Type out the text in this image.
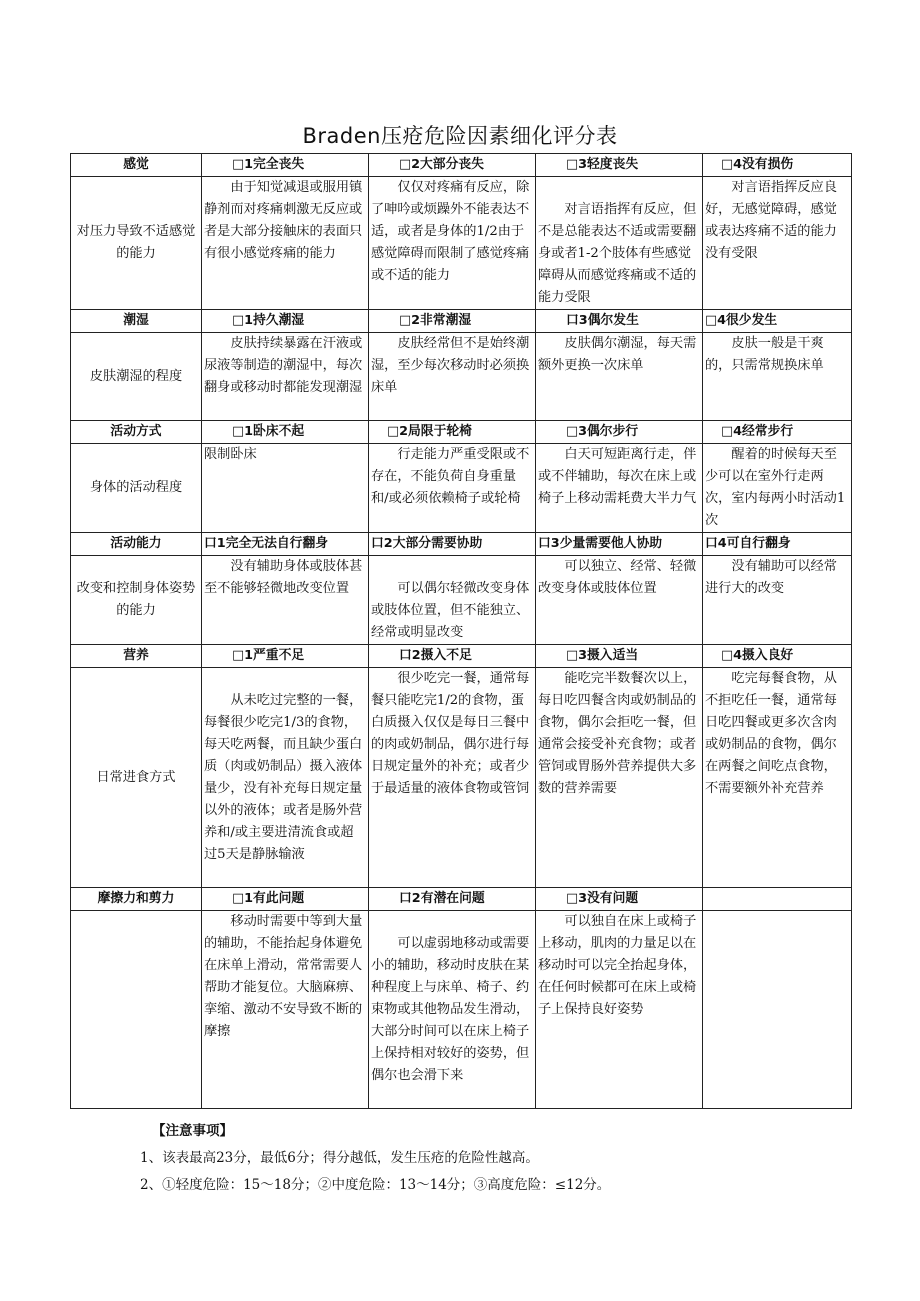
Braden压疮危险因素细化评分表
感觉	□1完全丧失	□2大部分丧失	□3轻度丧失	□4没有损伤
对压力导致不适感觉的能力	由于知觉减退或服用镇静剂而对疼痛刺激无反应或者是大部分接触床的表面只有很小感觉疼痛的能力	仅仅对疼痛有反应，除了呻吟或烦躁外不能表达不适，或者是身体的1/2由于感觉障碍而限制了感觉疼痛或不适的能力	对言语指挥有反应，但不是总能表达不适或需要翻身或者1-2个肢体有些感觉障碍从而感觉疼痛或不适的能力受限	对言语指挥反应良好，无感觉障碍，感觉或表达疼痛不适的能力没有受限
潮湿	□1持久潮湿	□2非常潮湿	口3偶尔发生	□4很少发生
皮肤潮湿的程度	皮肤持续暴露在汗液或尿液等制造的潮湿中，每次翻身或移动时都能发现潮湿	皮肤经常但不是始终潮湿，至少每次移动时必须换床单	皮肤偶尔潮湿，每天需额外更换一次床单	皮肤一般是干爽的，只需常规换床单
活动方式	□1卧床不起	□2局限于轮椅	□3偶尔步行	□4经常步行
身体的活动程度	限制卧床	行走能力严重受限或不存在，不能负荷自身重量和/或必须依赖椅子或轮椅	白天可短距离行走，伴或不伴辅助，每次在床上或椅子上移动需耗费大半力气	醒着的时候每天至少可以在室外行走两次，室内每两小时活动1次
活动能力	口1完全无法自行翻身	口2大部分需要协助	口3少量需要他人协助	口4可自行翻身
改变和控制身体姿势的能力	没有辅助身体或肢体甚至不能够轻微地改变位置	可以偶尔轻微改变身体或肢体位置，但不能独立、经常或明显改变	可以独立、经常、轻微改变身体或肢体位置	没有辅助可以经常进行大的改变
营养	□1严重不足	口2摄入不足	□3摄入适当	□4摄入良好
日常进食方式	从未吃过完整的一餐，每餐很少吃完1/3的食物，每天吃两餐，而且缺少蛋白质（肉或奶制品）摄入液体量少，没有补充每日规定量以外的液体；或者是肠外营养和/或主要进清流食或超过5天是静脉输液	很少吃完一餐，通常每餐只能吃完1/2的食物，蛋白质摄入仅仅是每日三餐中的肉或奶制品，偶尔进行每日规定量外的补充；或者少于最适量的液体食物或管饲	能吃完半数餐次以上，每日吃四餐含肉或奶制品的食物，偶尔会拒吃一餐，但通常会接受补充食物；或者管饲或胃肠外营养提供大多数的营养需要	吃完每餐食物，从不拒吃任一餐，通常每日吃四餐或更多次含肉或奶制品的食物，偶尔在两餐之间吃点食物，不需要额外补充营养
摩擦力和剪力	□1有此问题	口2有潜在问题	□3没有问题	
	移动时需要中等到大量的辅助，不能抬起身体避免在床单上滑动，常常需要人帮助才能复位。大脑麻痹、挛缩、激动不安导致不断的摩擦	可以虚弱地移动或需要小的辅助，移动时皮肤在某种程度上与床单、椅子、约束物或其他物品发生滑动，大部分时间可以在床上椅子上保持相对较好的姿势，但偶尔也会滑下来	可以独自在床上或椅子上移动，肌肉的力量足以在移动时可以完全抬起身体，在任何时候都可在床上或椅子上保持良好姿势	
【注意事项】
1、该表最高23分，最低6分；得分越低，发生压疮的危险性越高。
2、①轻度危险：15～18分；②中度危险：13～14分；③高度危险：≤12分。
